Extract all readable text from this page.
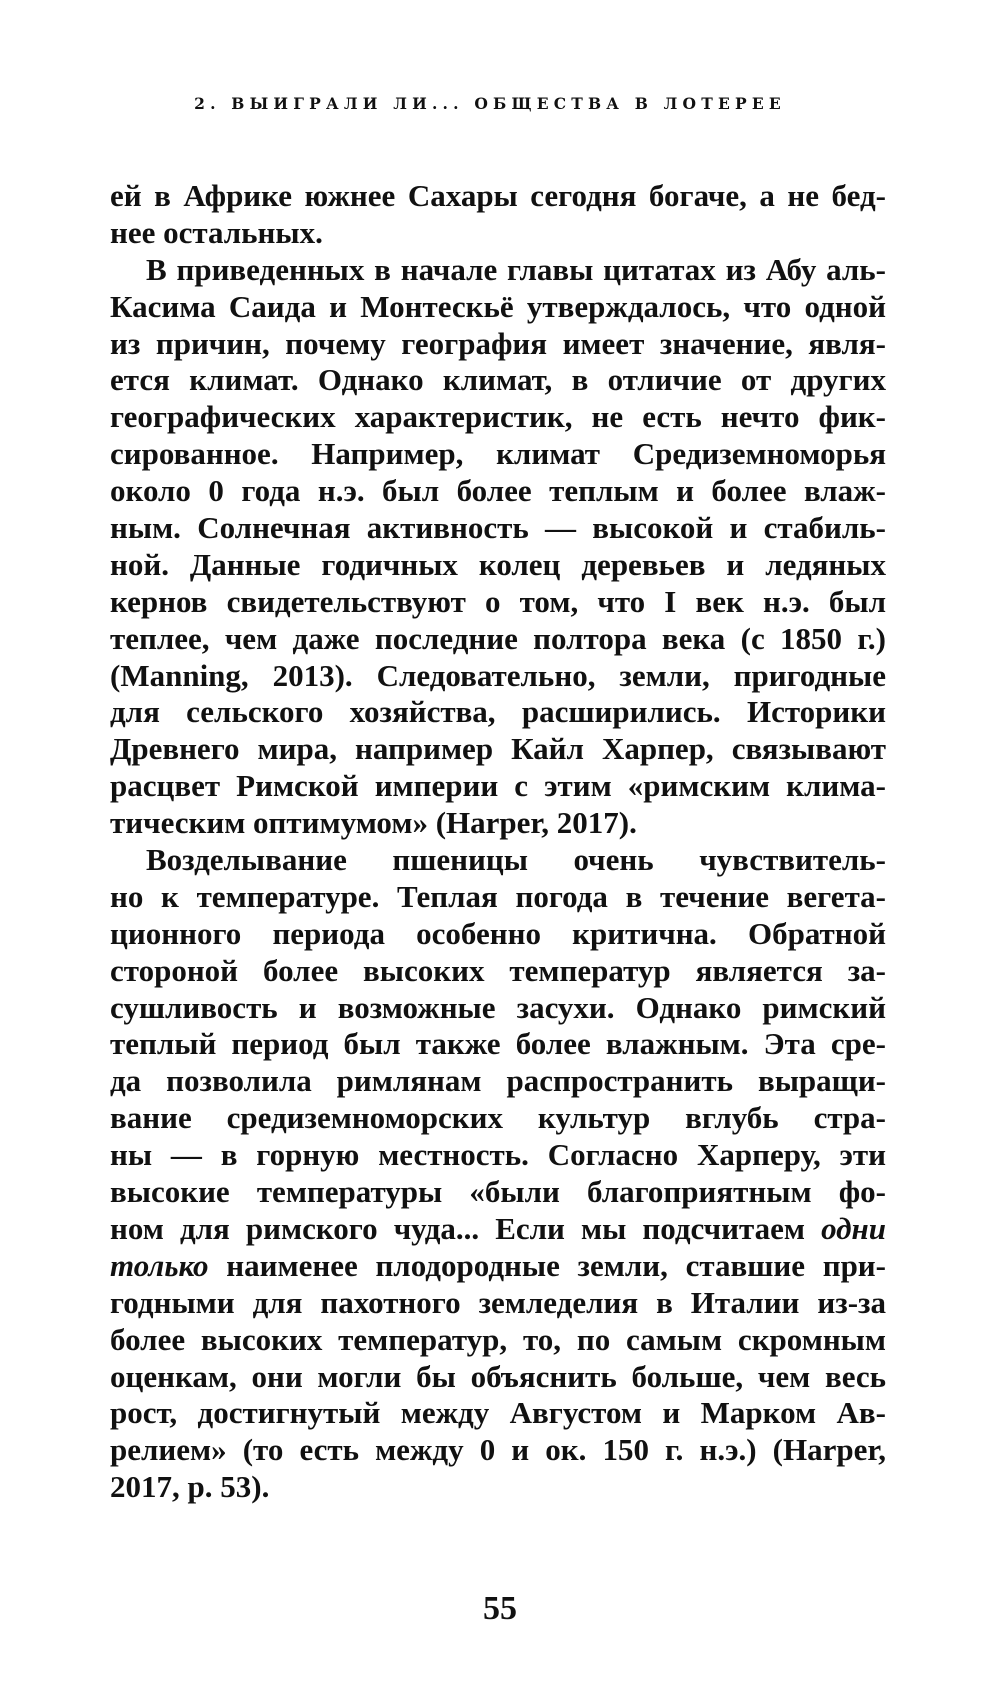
2. ВЫИГРАЛИ ЛИ... ОБЩЕСТВА В ЛОТЕРЕЕ
ей в Африке южнее Сахары сегодня богаче, а не бед-
нее остальных.
В приведенных в начале главы цитатах из Абу аль-
Касима Саида и Монтескьё утверждалось, что одной
из причин, почему география имеет значение, явля-
ется климат. Однако климат, в отличие от других
географических характеристик, не есть нечто фик-
сированное. Например, климат Средиземноморья
около 0 года н.э. был более теплым и более влаж-
ным. Солнечная активность — высокой и стабиль-
ной. Данные годичных колец деревьев и ледяных
кернов свидетельствуют о том, что I век н.э. был
теплее, чем даже последние полтора века (с 1850 г.)
(Manning, 2013). Следовательно, земли, пригодные
для сельского хозяйства, расширились. Историки
Древнего мира, например Кайл Харпер, связывают
расцвет Римской империи с этим «римским клима-
тическим оптимумом» (Harper, 2017).
Возделывание пшеницы очень чувствитель-
но к температуре. Теплая погода в течение вегета-
ционного периода особенно критична. Обратной
стороной более высоких температур является за-
сушливость и возможные засухи. Однако римский
теплый период был также более влажным. Эта сре-
да позволила римлянам распространить выращи-
вание средиземноморских культур вглубь стра-
ны — в горную местность. Согласно Харперу, эти
высокие температуры «были благоприятным фо-
ном для римского чуда... Если мы подсчитаем одни
только наименее плодородные земли, ставшие при-
годными для пахотного земледелия в Италии из-за
более высоких температур, то, по самым скромным
оценкам, они могли бы объяснить больше, чем весь
рост, достигнутый между Августом и Марком Ав-
релием» (то есть между 0 и ок. 150 г. н.э.) (Harper,
2017, p. 53).
55
